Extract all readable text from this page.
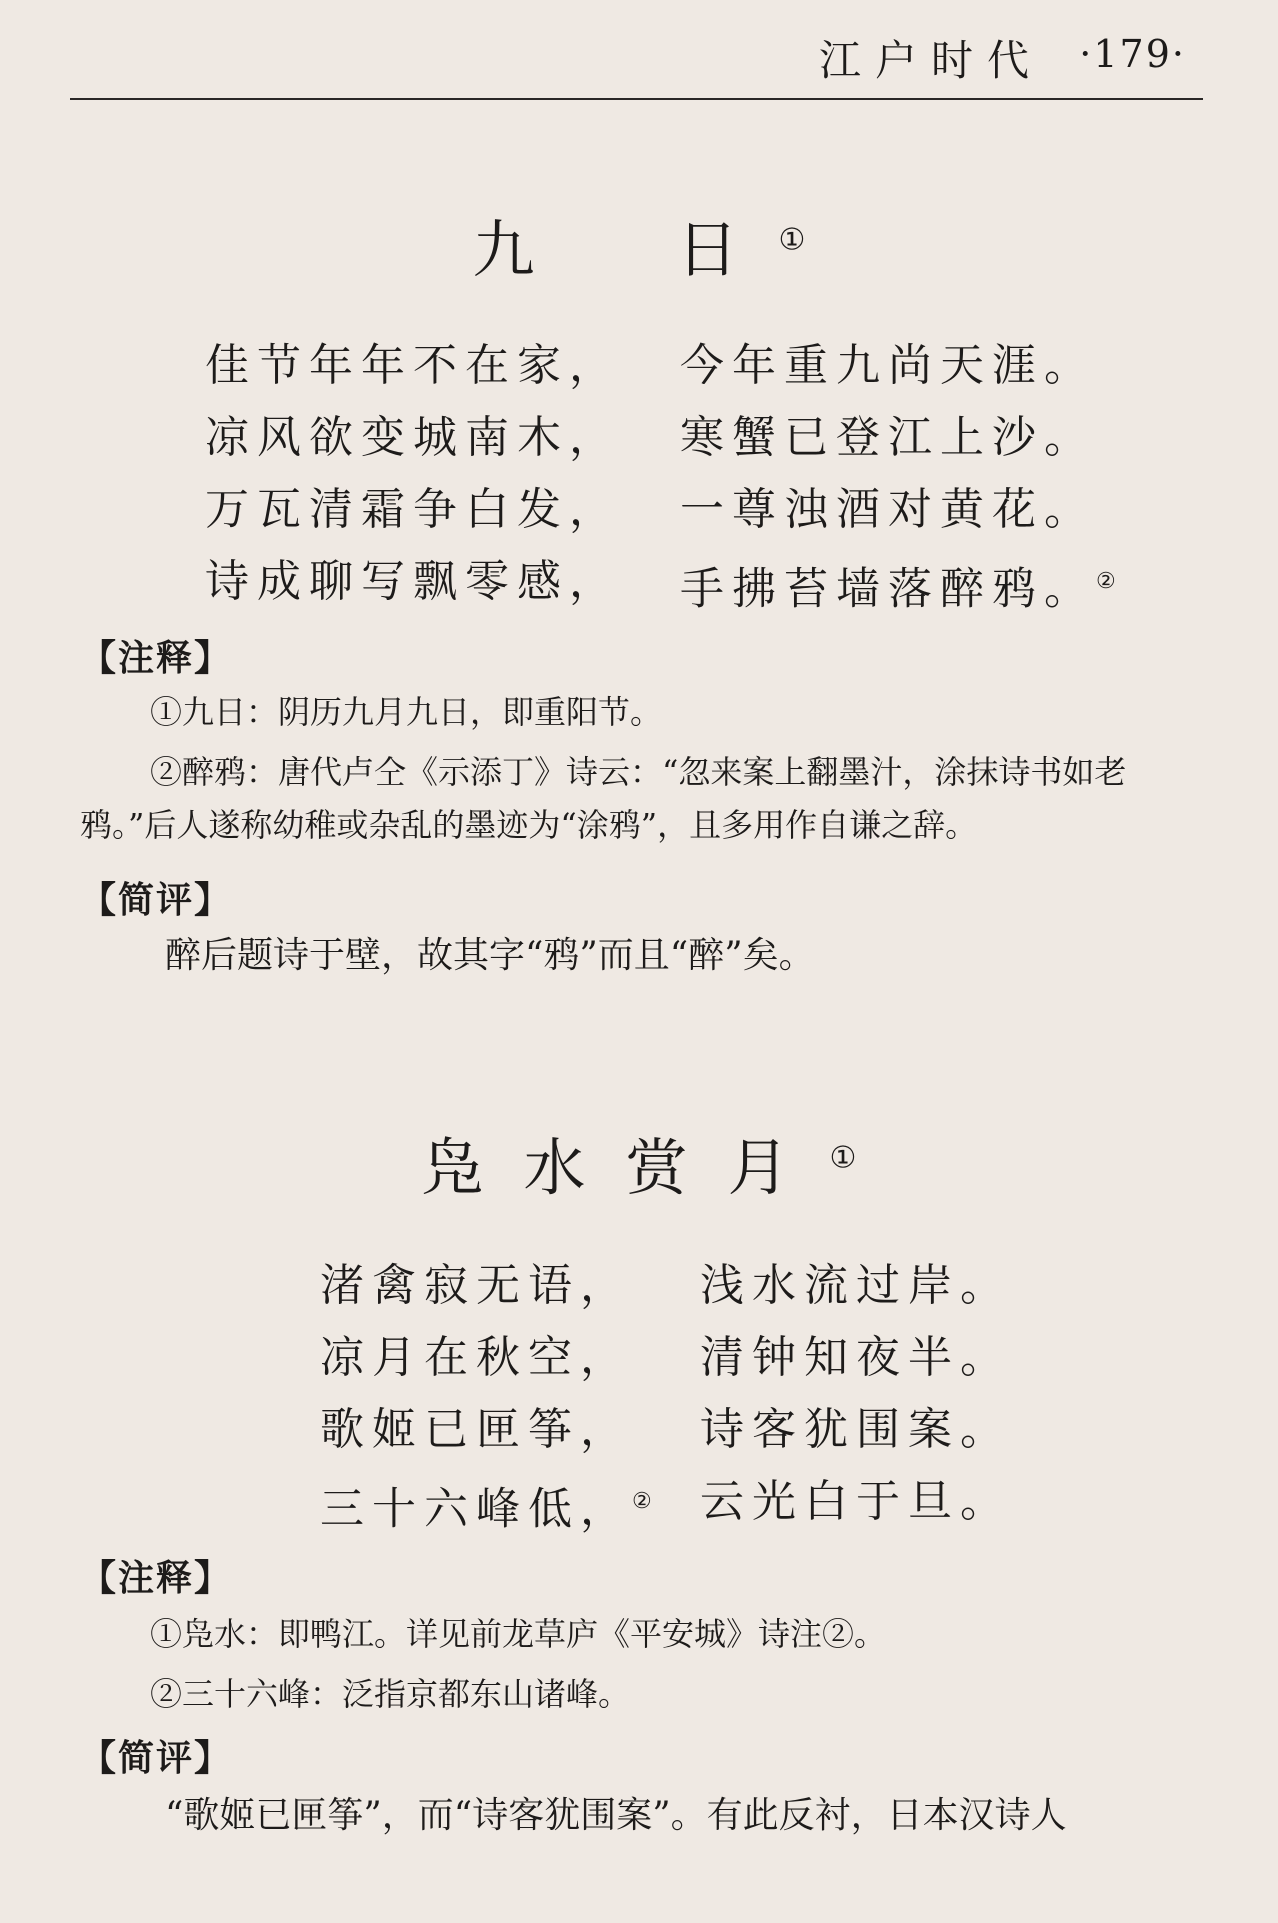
江户时代 ·179·
九　日①
佳节年年不在家， 今年重九尚天涯。
凉风欲变城南木， 寒蟹已登江上沙。
万瓦清霜争白发， 一尊浊酒对黄花。
诗成聊写飘零感， 手拂苔墙落醉鸦。②
【注释】
①九日：阴历九月九日，即重阳节。
②醉鸦：唐代卢仝《示添丁》诗云：“忽来案上翻墨汁，涂抹诗书如老
鸦。”后人遂称幼稚或杂乱的墨迹为“涂鸦”，且多用作自谦之辞。
【简评】
醉后题诗于壁，故其字“鸦”而且“醉”矣。
凫水赏月①
渚禽寂无语， 浅水流过岸。
凉月在秋空， 清钟知夜半。
歌姬已匣筝， 诗客犹围案。
三十六峰低，② 云光白于旦。
【注释】
①凫水：即鸭江。详见前龙草庐《平安城》诗注②。
②三十六峰：泛指京都东山诸峰。
【简评】
“歌姬已匣筝”，而“诗客犹围案”。有此反衬，日本汉诗人
